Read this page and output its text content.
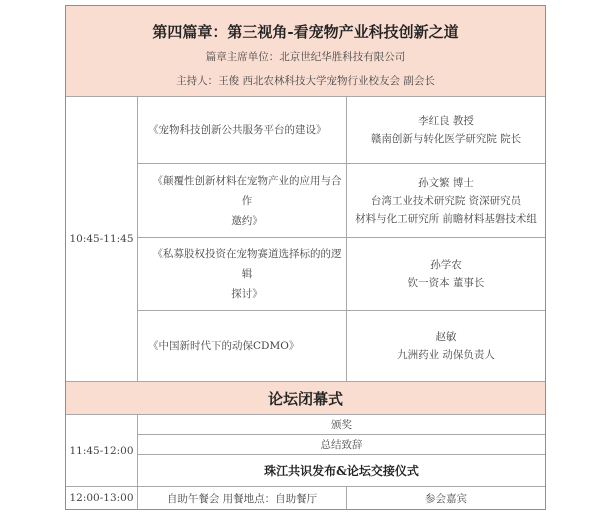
第四篇章：第三视角-看宠物产业科技创新之道
篇章主席单位：北京世纪华胜科技有限公司
主持人：王俊 西北农林科技大学宠物行业校友会 副会长
10:45-11:45
《宠物科技创新公共服务平台的建设》
李红良 教授
赣南创新与转化医学研究院 院长
《颠覆性创新材料在宠物产业的应用与合作
邀约》
孙文繁 博士
台湾工业技术研究院 资深研究员
材料与化工研究所 前瞻材料基磐技术组
《私募股权投资在宠物赛道选择标的的逻辑
探讨》
孙学农
钦一资本 董事长
《中国新时代下的动保CDMO》
赵敏
九洲药业 动保负责人
论坛闭幕式
11:45-12:00
颁奖
总结致辞
珠江共识发布&论坛交接仪式
12:00-13:00	自助午餐会 用餐地点：自助餐厅	参会嘉宾
